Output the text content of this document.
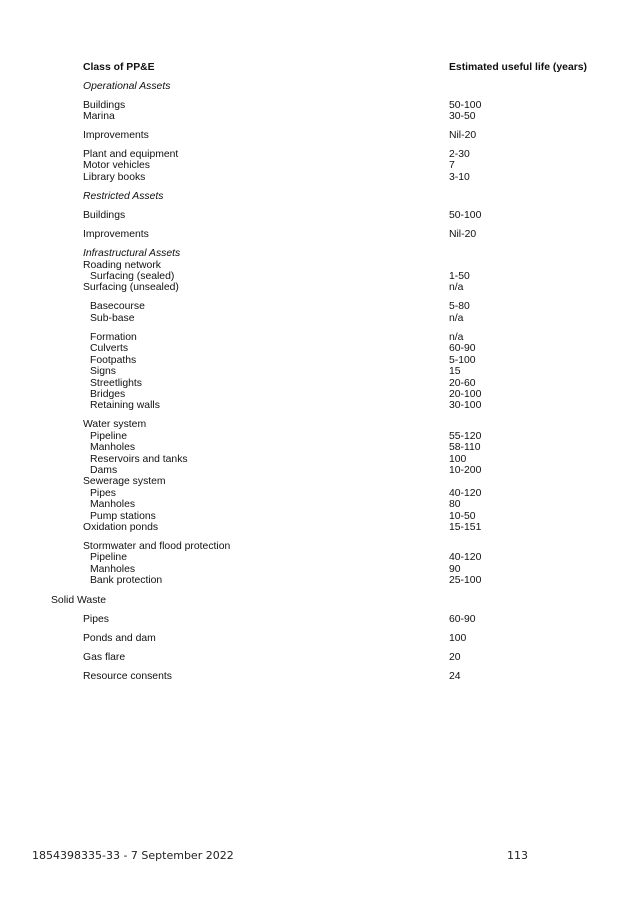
Class of PP&E	Estimated useful life (years)
Operational Assets
Buildings	50-100
Marina	30-50
Improvements	Nil-20
Plant and equipment	2-30
Motor vehicles	7
Library books	3-10
Restricted Assets
Buildings	50-100
Improvements	Nil-20
Infrastructural Assets
Roading network
Surfacing (sealed)	1-50
Surfacing (unsealed)	n/a
Basecourse	5-80
Sub-base	n/a
Formation	n/a
Culverts	60-90
Footpaths	5-100
Signs	15
Streetlights	20-60
Bridges	20-100
Retaining walls	30-100
Water system
Pipeline	55-120
Manholes	58-110
Reservoirs and tanks	100
Dams	10-200
Sewerage system
Pipes	40-120
Manholes	80
Pump stations	10-50
Oxidation ponds	15-151
Stormwater and flood protection
Pipeline	40-120
Manholes	90
Bank protection	25-100
Solid Waste
Pipes	60-90
Ponds and dam	100
Gas flare	20
Resource consents	24
1854398335-33 - 7 September 2022	113
